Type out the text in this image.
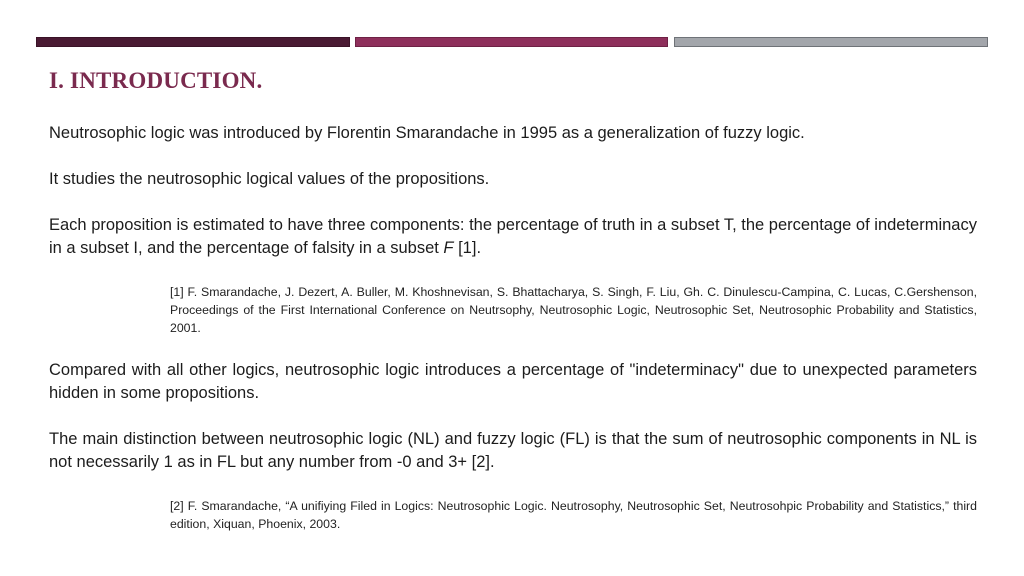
I. INTRODUCTION.
Neutrosophic logic was introduced by Florentin Smarandache in 1995 as a generalization of fuzzy logic.
It studies the neutrosophic logical values of the propositions.
Each proposition is estimated to have three components: the percentage of truth in a subset T, the percentage of indeterminacy in a subset I, and the percentage of falsity in a subset F [1].
[1] F. Smarandache, J. Dezert, A. Buller, M. Khoshnevisan, S. Bhattacharya, S. Singh, F. Liu, Gh. C. Dinulescu-Campina, C. Lucas, C.Gershenson, Proceedings of the First International Conference on Neutrsophy, Neutrosophic Logic, Neutrosophic Set, Neutrosophic Probability and Statistics, 2001.
Compared with all other logics, neutrosophic logic introduces a percentage of "indeterminacy" due to unexpected parameters hidden in some propositions.
The main distinction between neutrosophic logic (NL) and fuzzy logic (FL) is that the sum of neutrosophic components in NL is not necessarily 1 as in FL but any number from -0 and 3+ [2].
[2] F. Smarandache, “A unifiying Filed in Logics: Neutrosophic Logic. Neutrosophy, Neutrosophic Set, Neutrosohpic Probability and Statistics,” third edition, Xiquan, Phoenix, 2003.
